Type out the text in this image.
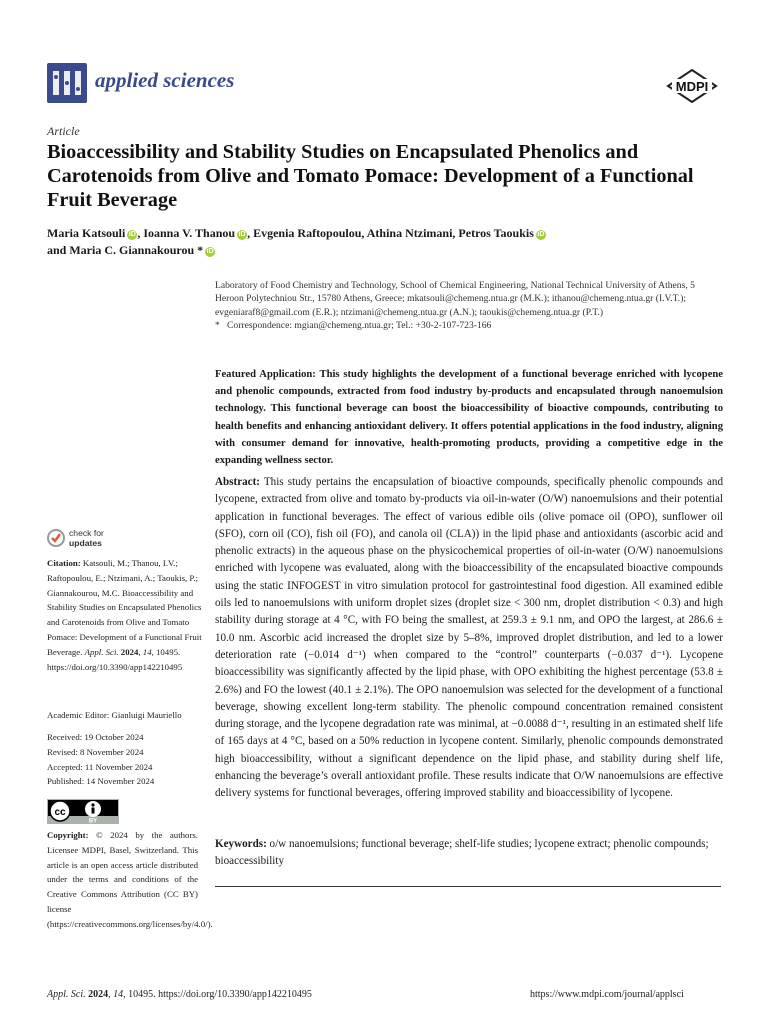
applied sciences	MDPI
Article
Bioaccessibility and Stability Studies on Encapsulated Phenolics and Carotenoids from Olive and Tomato Pomace: Development of a Functional Fruit Beverage
Maria Katsouli iD , Ioanna V. Thanou iD , Evgenia Raftopoulou, Athina Ntzimani, Petros Taoukis iD
and Maria C. Giannakourou * iD
Laboratory of Food Chemistry and Technology, School of Chemical Engineering, National Technical University of Athens, 5 Heroon Polytechniou Str., 15780 Athens, Greece; mkatsouli@chemeng.ntua.gr (M.K.); ithanou@chemeng.ntua.gr (I.V.T.); evgeniaraf8@gmail.com (E.R.); ntzimani@chemeng.ntua.gr (A.N.); taoukis@chemeng.ntua.gr (P.T.)
*   Correspondence: mgian@chemeng.ntua.gr; Tel.: +30-2-107-723-166
Featured Application: This study highlights the development of a functional beverage enriched with lycopene and phenolic compounds, extracted from food industry by-products and encapsulated through nanoemulsion technology. This functional beverage can boost the bioaccessibility of bioactive compounds, contributing to health benefits and enhancing antioxidant delivery. It offers potential applications in the food industry, aligning with consumer demand for innovative, health-promoting products, providing a competitive edge in the expanding wellness sector.
Abstract: This study pertains the encapsulation of bioactive compounds, specifically phenolic compounds and lycopene, extracted from olive and tomato by-products via oil-in-water (O/W) nanoemulsions and their potential application in functional beverages. The effect of various edible oils (olive pomace oil (OPO), sunflower oil (SFO), corn oil (CO), fish oil (FO), and canola oil (CLA)) in the lipid phase and antioxidants (ascorbic acid and phenolic extracts) in the aqueous phase on the physicochemical properties of oil-in-water (O/W) nanoemulsions enriched with lycopene was evaluated, along with the bioaccessibility of the encapsulated bioactive compounds using the static INFOGEST in vitro simulation protocol for gastrointestinal food digestion. All examined edible oils led to nanoemulsions with uniform droplet sizes (droplet size < 300 nm, droplet distribution < 0.3) and high stability during storage at 4 °C, with FO being the smallest, at 259.3 ± 9.1 nm, and OPO the largest, at 286.6 ± 10.0 nm. Ascorbic acid increased the droplet size by 5–8%, improved droplet distribution, and led to a lower deterioration rate (−0.014 d⁻¹) when compared to the “control” counterparts (−0.037 d⁻¹). Lycopene bioaccessibility was significantly affected by the lipid phase, with OPO exhibiting the highest percentage (53.8 ± 2.6%) and FO the lowest (40.1 ± 2.1%). The OPO nanoemulsion was selected for the development of a functional beverage, showing excellent long-term stability. The phenolic compound concentration remained consistent during storage, and the lycopene degradation rate was minimal, at −0.0088 d⁻¹, resulting in an estimated shelf life of 165 days at 4 °C, based on a 50% reduction in lycopene content. Similarly, phenolic compounds demonstrated high bioaccessibility, without a significant dependence on the lipid phase, and stability during shelf life, enhancing the beverage’s overall antioxidant profile. These results indicate that O/W nanoemulsions are effective delivery systems for functional beverages, offering improved stability and bioaccessibility of lycopene.
Keywords: o/w nanoemulsions; functional beverage; shelf-life studies; lycopene extract; phenolic compounds; bioaccessibility
check for
updates
Citation: Katsouli, M.; Thanou, I.V.; Raftopoulou, E.; Ntzimani, A.; Taoukis, P.; Giannakourou, M.C. Bioaccessibility and Stability Studies on Encapsulated Phenolics and Carotenoids from Olive and Tomato Pomace: Development of a Functional Fruit Beverage. Appl. Sci. 2024, 14, 10495. https://doi.org/10.3390/app142210495
Academic Editor: Gianluigi Mauriello
Received: 19 October 2024
Revised: 8 November 2024
Accepted: 11 November 2024
Published: 14 November 2024
cc
BY
Copyright: © 2024 by the authors. Licensee MDPI, Basel, Switzerland. This article is an open access article distributed under the terms and conditions of the Creative Commons Attribution (CC BY) license (https://creativecommons.org/licenses/by/4.0/).
Appl. Sci. 2024, 14, 10495. https://doi.org/10.3390/app142210495	https://www.mdpi.com/journal/applsci
